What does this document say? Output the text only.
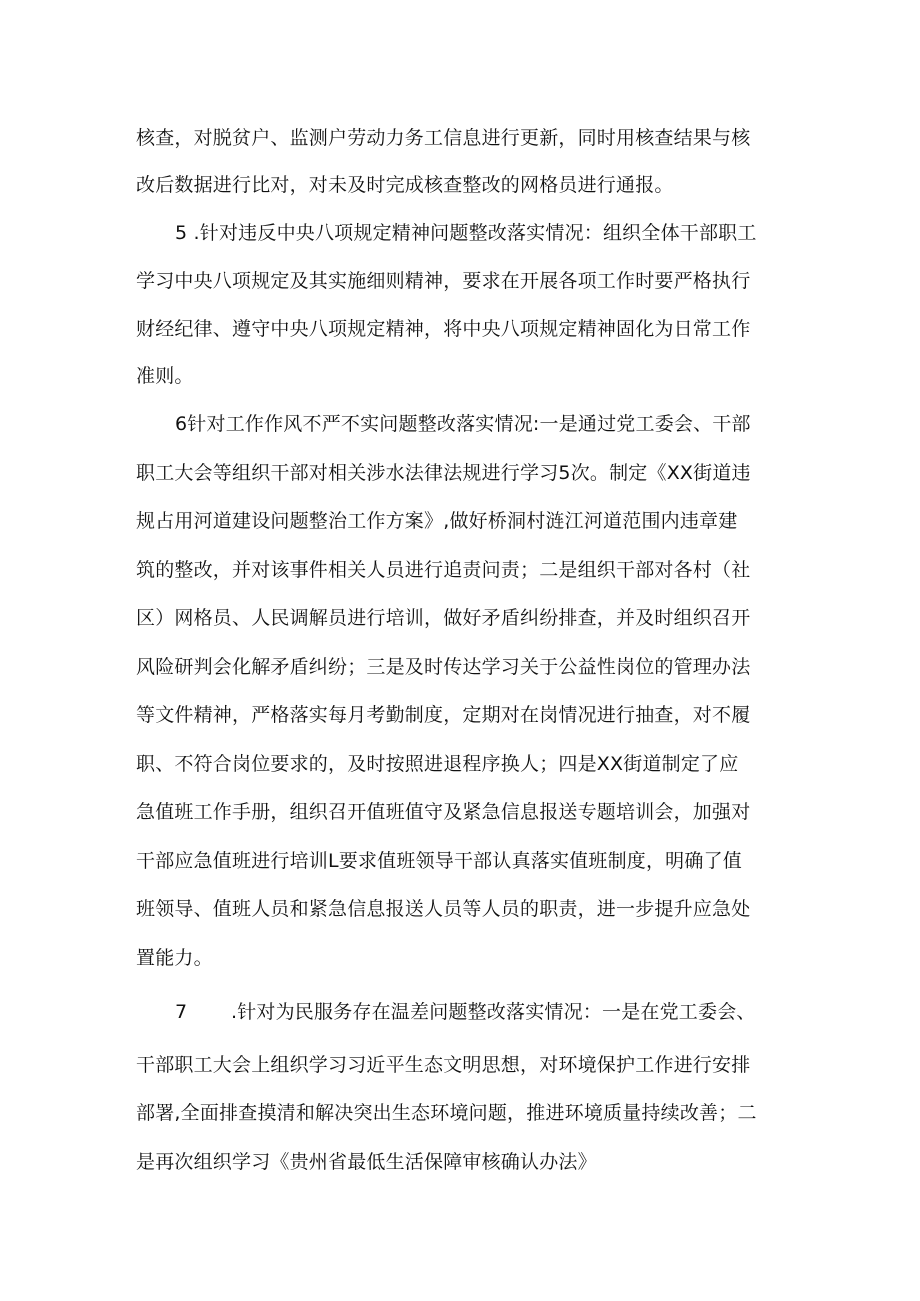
核查，对脱贫户、监测户劳动力务工信息进行更新，同时用核查结果与核
改后数据进行比对，对未及时完成核查整改的网格员进行通报。
5 .针对违反中央八项规定精神问题整改落实情况：组织全体干部职工
学习中央八项规定及其实施细则精神，要求在开展各项工作时要严格执行
财经纪律、遵守中央八项规定精神，将中央八项规定精神固化为日常工作
准则。
6针对工作作风不严不实问题整改落实情况:一是通过党工委会、干部
职工大会等组织干部对相关涉水法律法规进行学习5次。制定《XX街道违
规占用河道建设问题整治工作方案》,做好桥洞村涟江河道范围内违章建
筑的整改，并对该事件相关人员进行追责问责；二是组织干部对各村（社
区）网格员、人民调解员进行培训，做好矛盾纠纷排查，并及时组织召开
风险研判会化解矛盾纠纷；三是及时传达学习关于公益性岗位的管理办法
等文件精神，严格落实每月考勤制度，定期对在岗情况进行抽查，对不履
职、不符合岗位要求的，及时按照进退程序换人；四是XX街道制定了应
急值班工作手册，组织召开值班值守及紧急信息报送专题培训会，加强对
干部应急值班进行培训L要求值班领导干部认真落实值班制度，明确了值
班领导、值班人员和紧急信息报送人员等人员的职责，进一步提升应急处
置能力。
7       .针对为民服务存在温差问题整改落实情况：一是在党工委会、
干部职工大会上组织学习习近平生态文明思想，对环境保护工作进行安排
部署,全面排查摸清和解决突出生态环境问题，推进环境质量持续改善；二
是再次组织学习《贵州省最低生活保障审核确认办法》
